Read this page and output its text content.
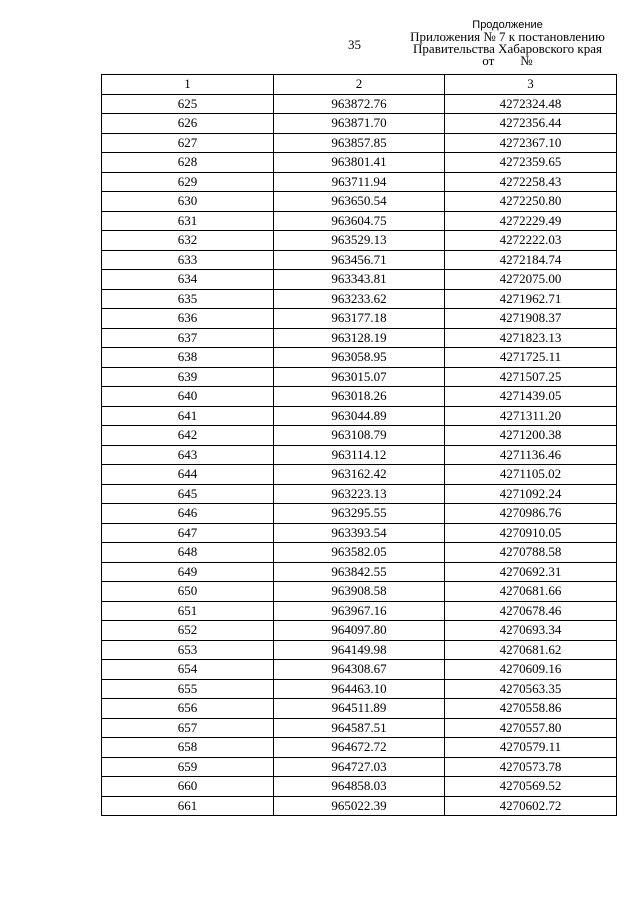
35
Продолжение
Приложения № 7 к постановлению
Правительства Хабаровского края
от        №
1	2	3
625	963872.76	4272324.48
626	963871.70	4272356.44
627	963857.85	4272367.10
628	963801.41	4272359.65
629	963711.94	4272258.43
630	963650.54	4272250.80
631	963604.75	4272229.49
632	963529.13	4272222.03
633	963456.71	4272184.74
634	963343.81	4272075.00
635	963233.62	4271962.71
636	963177.18	4271908.37
637	963128.19	4271823.13
638	963058.95	4271725.11
639	963015.07	4271507.25
640	963018.26	4271439.05
641	963044.89	4271311.20
642	963108.79	4271200.38
643	963114.12	4271136.46
644	963162.42	4271105.02
645	963223.13	4271092.24
646	963295.55	4270986.76
647	963393.54	4270910.05
648	963582.05	4270788.58
649	963842.55	4270692.31
650	963908.58	4270681.66
651	963967.16	4270678.46
652	964097.80	4270693.34
653	964149.98	4270681.62
654	964308.67	4270609.16
655	964463.10	4270563.35
656	964511.89	4270558.86
657	964587.51	4270557.80
658	964672.72	4270579.11
659	964727.03	4270573.78
660	964858.03	4270569.52
661	965022.39	4270602.72
